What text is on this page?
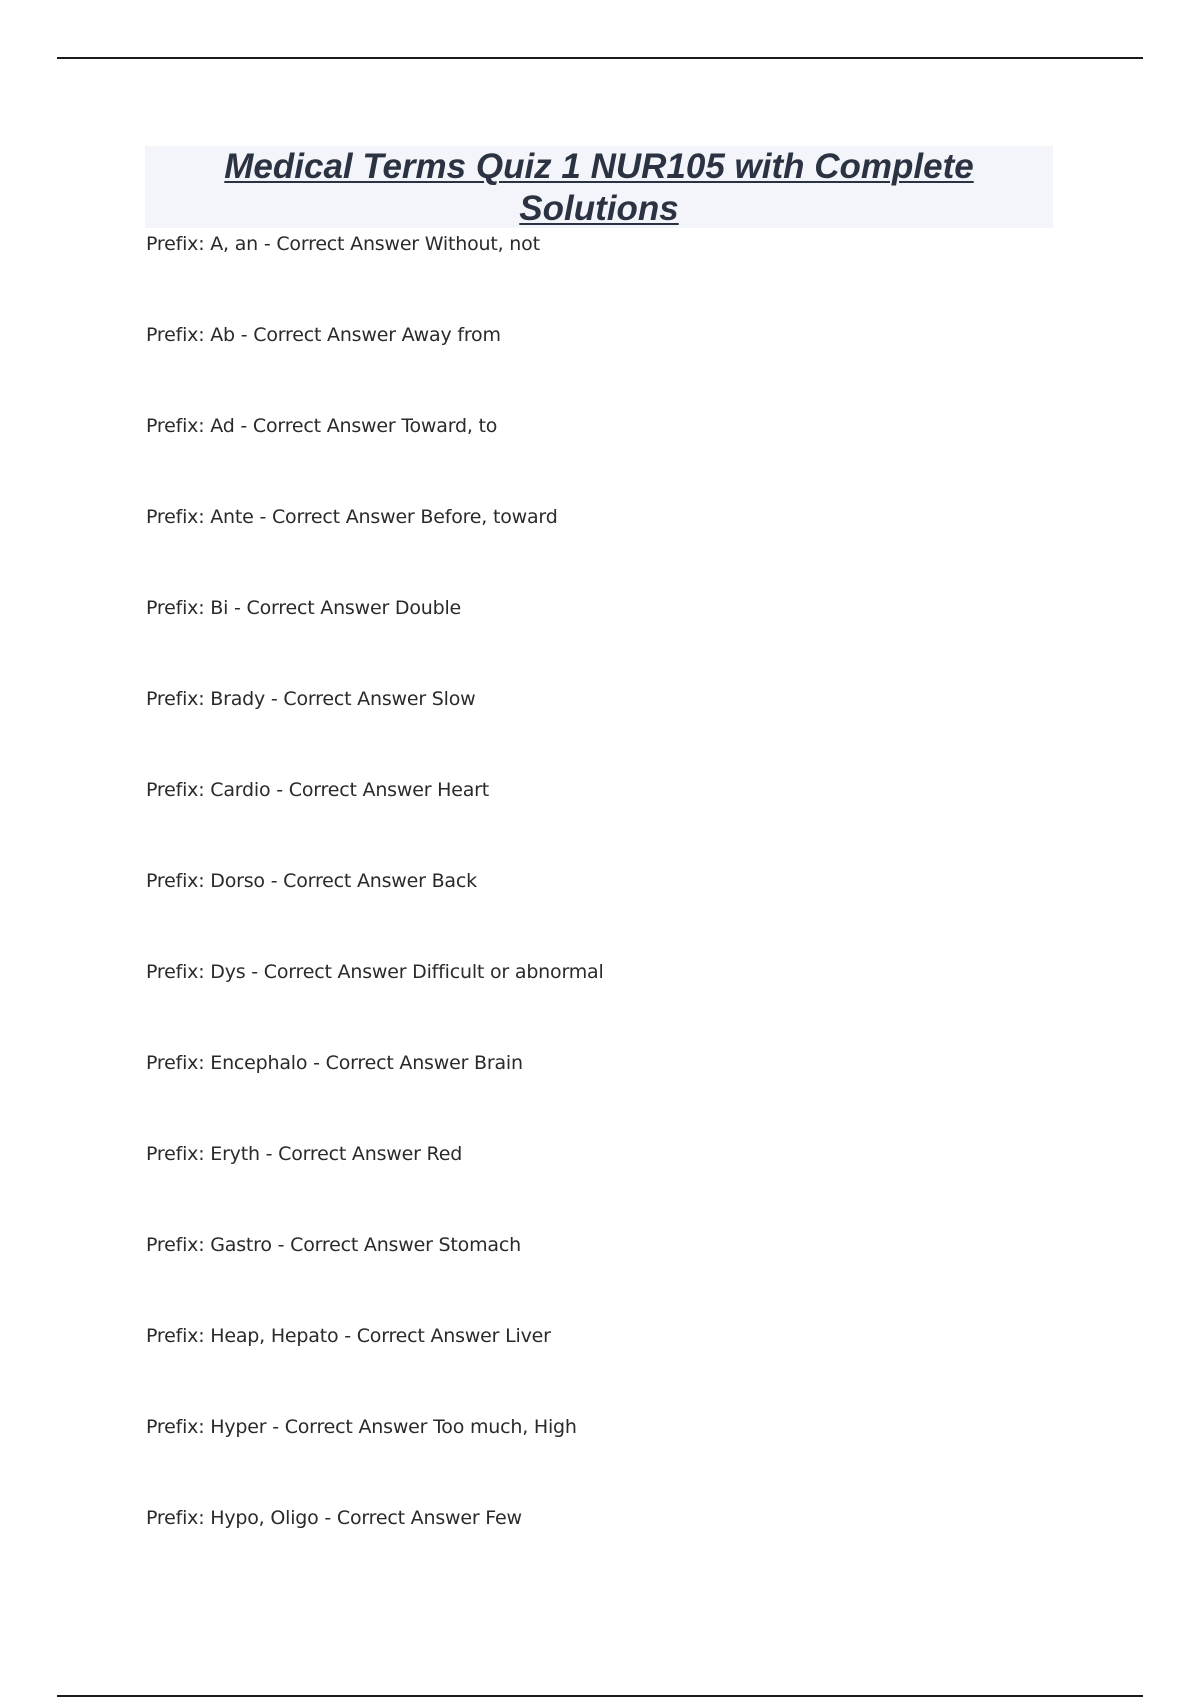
Medical Terms Quiz 1 NUR105 with Complete Solutions

Prefix: A, an - Correct Answer Without, not

Prefix: Ab - Correct Answer Away from

Prefix: Ad - Correct Answer Toward, to

Prefix: Ante - Correct Answer Before, toward

Prefix: Bi - Correct Answer Double

Prefix: Brady - Correct Answer Slow

Prefix: Cardio - Correct Answer Heart

Prefix: Dorso - Correct Answer Back

Prefix: Dys - Correct Answer Difficult or abnormal

Prefix: Encephalo - Correct Answer Brain

Prefix: Eryth - Correct Answer Red

Prefix: Gastro - Correct Answer Stomach

Prefix: Heap, Hepato - Correct Answer Liver

Prefix: Hyper - Correct Answer Too much, High

Prefix: Hypo, Oligo - Correct Answer Few
